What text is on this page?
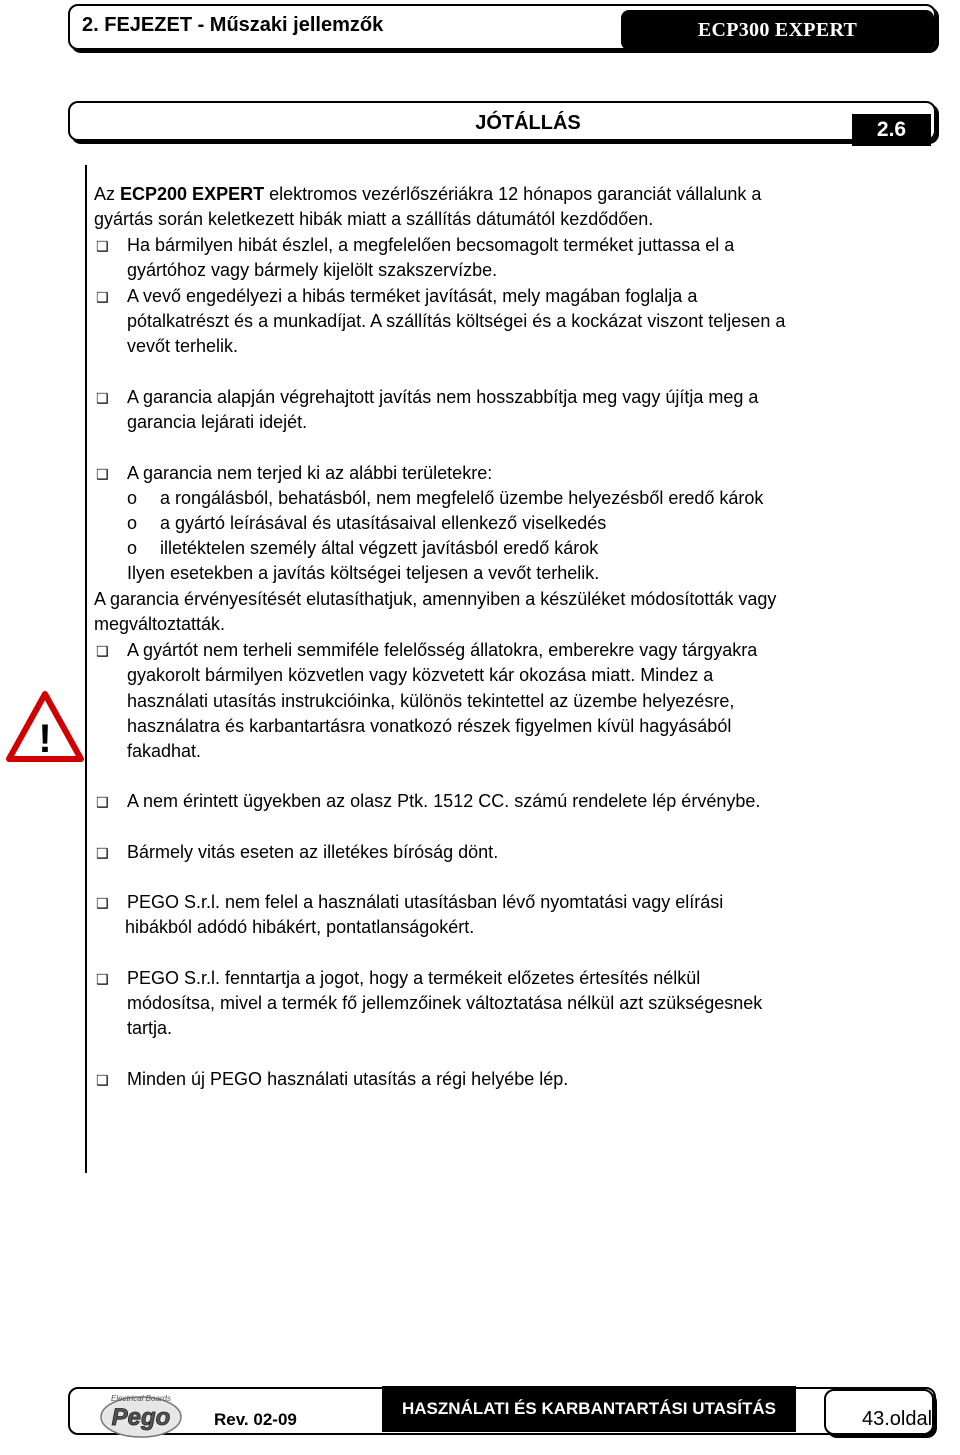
2. FEJEZET - Műszaki jellemzők	ECP300 EXPERT
JÓTÁLLÁS	2.6
Az ECP200 EXPERT elektromos vezérlőszériákra 12 hónapos garanciát vállalunk a
gyártás során keletkezett hibák miatt a szállítás dátumától kezdődően.
❑ Ha bármilyen hibát észlel, a megfelelően becsomagolt terméket juttassa el a
gyártóhoz vagy bármely kijelölt szakszervízbe.
❑ A vevő engedélyezi a hibás terméket javítását, mely magában foglalja a
pótalkatrészt és a munkadíjat. A szállítás költségei és a kockázat viszont teljesen a
vevőt terhelik.
❑ A garancia alapján végrehajtott javítás nem hosszabbítja meg vagy újítja meg a
garancia lejárati idejét.
❑ A garancia nem terjed ki az alábbi területekre:
o a rongálásból, behatásból, nem megfelelő üzembe helyezésből eredő károk
o a gyártó leírásával és utasításaival ellenkező viselkedés
o illetéktelen személy által végzett javításból eredő károk
Ilyen esetekben a javítás költségei teljesen a vevőt terhelik.
A garancia érvényesítését elutasíthatjuk, amennyiben a készüléket módosították vagy
megváltoztatták.
❑ A gyártót nem terheli semmiféle felelősség állatokra, emberekre vagy tárgyakra
gyakorolt bármilyen közvetlen vagy közvetett kár okozása miatt. Mindez a
használati utasítás instrukcióinka, különös tekintettel az üzembe helyezésre,
használatra és karbantartásra vonatkozó részek figyelmen kívül hagyásából
fakadhat.
!
❑ A nem érintett ügyekben az olasz Ptk. 1512 CC. számú rendelete lép érvénybe.
❑ Bármely vitás eseten az illetékes bíróság dönt.
❑ PEGO S.r.l. nem felel a használati utasításban lévő nyomtatási vagy elírási
hibákból adódó hibákért, pontatlanságokért.
❑ PEGO S.r.l. fenntartja a jogot, hogy a termékeit előzetes értesítés nélkül
módosítsa, mivel a termék fő jellemzőinek változtatása nélkül azt szükségesnek
tartja.
❑ Minden új PEGO használati utasítás a régi helyébe lép.
Electrical Boards
Pego	Rev. 02-09
HASZNÁLATI ÉS KARBANTARTÁSI UTASÍTÁS	43.oldal
